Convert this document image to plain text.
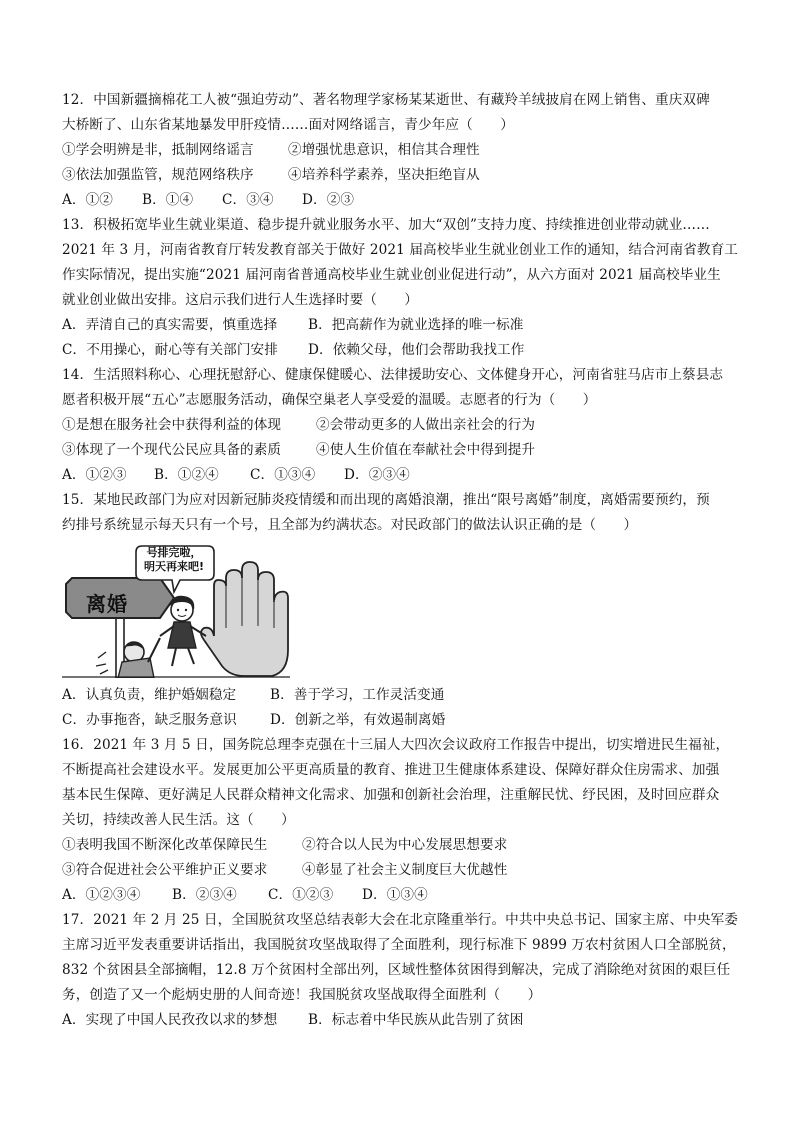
12．中国新疆摘棉花工人被“强迫劳动”、著名物理学家杨某某逝世、有藏羚羊绒披肩在网上销售、重庆双碑
大桥断了、山东省某地暴发甲肝疫情……面对网络谣言，青少年应（　　）
①学会明辨是非，抵制网络谣言	②增强忧患意识，相信其合理性
③依法加强监管，规范网络秩序	④培养科学素养，坚决拒绝盲从
A．①② B．①④ C．③④ D．②③
13．积极拓宽毕业生就业渠道、稳步提升就业服务水平、加大“双创”支持力度、持续推进创业带动就业……
2021 年 3 月，河南省教育厅转发教育部关于做好 2021 届高校毕业生就业创业工作的通知，结合河南省教育工
作实际情况，提出实施“2021 届河南省普通高校毕业生就业创业促进行动”，从六方面对 2021 届高校毕业生
就业创业做出安排。这启示我们进行人生选择时要（　　）
A．弄清自己的真实需要，慎重选择 B．把高薪作为就业选择的唯一标准
C．不用操心，耐心等有关部门安排 D．依赖父母，他们会帮助我找工作
14．生活照料称心、心理抚慰舒心、健康保健暖心、法律援助安心、文体健身开心，河南省驻马店市上蔡县志
愿者积极开展“五心”志愿服务活动，确保空巢老人享受爱的温暖。志愿者的行为（　　）
①是想在服务社会中获得利益的体现	②会带动更多的人做出亲社会的行为
③体现了一个现代公民应具备的素质	④使人生价值在奉献社会中得到提升
A．①②③ B．①②④ C．①③④ D．②③④
15．某地民政部门为应对因新冠肺炎疫情缓和而出现的离婚浪潮，推出“限号离婚”制度，离婚需要预约，预
约排号系统显示每天只有一个号，且全部为约满状态。对民政部门的做法认识正确的是（　　）
号排完啦，明天再来吧!
离婚
A．认真负责，维护婚姻稳定 B．善于学习，工作灵活变通
C．办事拖沓，缺乏服务意识 D．创新之举，有效遏制离婚
16．2021 年 3 月 5 日，国务院总理李克强在十三届人大四次会议政府工作报告中提出，切实增进民生福祉，
不断提高社会建设水平。发展更加公平更高质量的教育、推进卫生健康体系建设、保障好群众住房需求、加强
基本民生保障、更好满足人民群众精神文化需求、加强和创新社会治理，注重解民忧、纾民困，及时回应群众
关切，持续改善人民生活。这（　　）
①表明我国不断深化改革保障民生	②符合以人民为中心发展思想要求
③符合促进社会公平维护正义要求	④彰显了社会主义制度巨大优越性
A．①②③④ B．②③④ C．①②③ D．①③④
17．2021 年 2 月 25 日，全国脱贫攻坚总结表彰大会在北京隆重举行。中共中央总书记、国家主席、中央军委
主席习近平发表重要讲话指出，我国脱贫攻坚战取得了全面胜利，现行标准下 9899 万农村贫困人口全部脱贫，
832 个贫困县全部摘帽，12.8 万个贫困村全部出列，区域性整体贫困得到解决，完成了消除绝对贫困的艰巨任
务，创造了又一个彪炳史册的人间奇迹！我国脱贫攻坚战取得全面胜利（　　）
A．实现了中国人民孜孜以求的梦想 B．标志着中华民族从此告别了贫困
